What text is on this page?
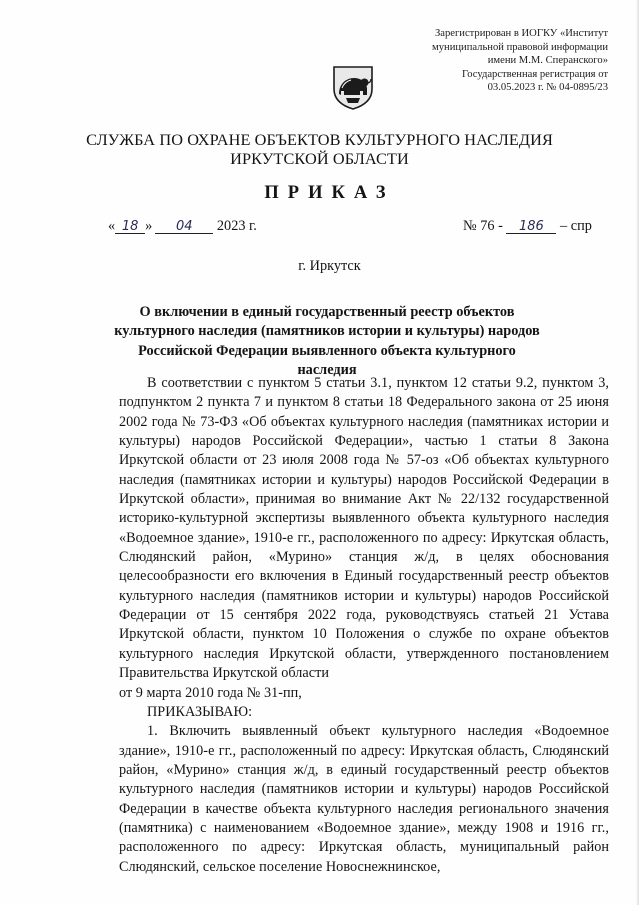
Зарегистрирован в ИОГКУ «Институт
муниципальной правовой информации
имени М.М. Сперанского»
Государственная регистрация от
03.05.2023 г. № 04-0895/23
СЛУЖБА ПО ОХРАНЕ ОБЪЕКТОВ КУЛЬТУРНОГО НАСЛЕДИЯ
ИРКУТСКОЙ ОБЛАСТИ
ПРИКАЗ
« 18 » 04 2023 г.	№ 76 - 186 – спр
г. Иркутск
О включении в единый государственный реестр объектов культурного наследия (памятников истории и культуры) народов Российской Федерации выявленного объекта культурного наследия

В соответствии с пунктом 5 статьи 3.1, пунктом 12 статьи 9.2, пунктом 3, подпунктом 2 пункта 7 и пунктом 8 статьи 18 Федерального закона от 25 июня 2002 года № 73-ФЗ «Об объектах культурного наследия (памятниках истории и культуры) народов Российской Федерации», частью 1 статьи 8 Закона Иркутской области от 23 июля 2008 года № 57-оз «Об объектах культурного наследия (памятниках истории и культуры) народов Российской Федерации в Иркутской области», принимая во внимание Акт № 22/132 государственной историко-культурной экспертизы выявленного объекта культурного наследия «Водоемное здание», 1910-е гг., расположенного по адресу: Иркутская область, Слюдянский район, «Мурино» станция ж/д, в целях обоснования целесообразности его включения в Единый государственный реестр объектов культурного наследия (памятников истории и культуры) народов Российской Федерации от 15 сентября 2022 года, руководствуясь статьей 21 Устава Иркутской области, пунктом 10 Положения о службе по охране объектов культурного наследия Иркутской области, утвержденного постановлением Правительства Иркутской области

от 9 марта 2010 года № 31-пп,

ПРИКАЗЫВАЮ:

1. Включить выявленный объект культурного наследия «Водоемное здание», 1910-е гг., расположенный по адресу: Иркутская область, Слюдянский район, «Мурино» станция ж/д, в единый государственный реестр объектов культурного наследия (памятников истории и культуры) народов Российской Федерации в качестве объекта культурного наследия регионального значения (памятника) с наименованием «Водоемное здание», между 1908 и 1916 гг., расположенного по адресу: Иркутская область, муниципальный район Слюдянский, сельское поселение Новоснежнинское,
